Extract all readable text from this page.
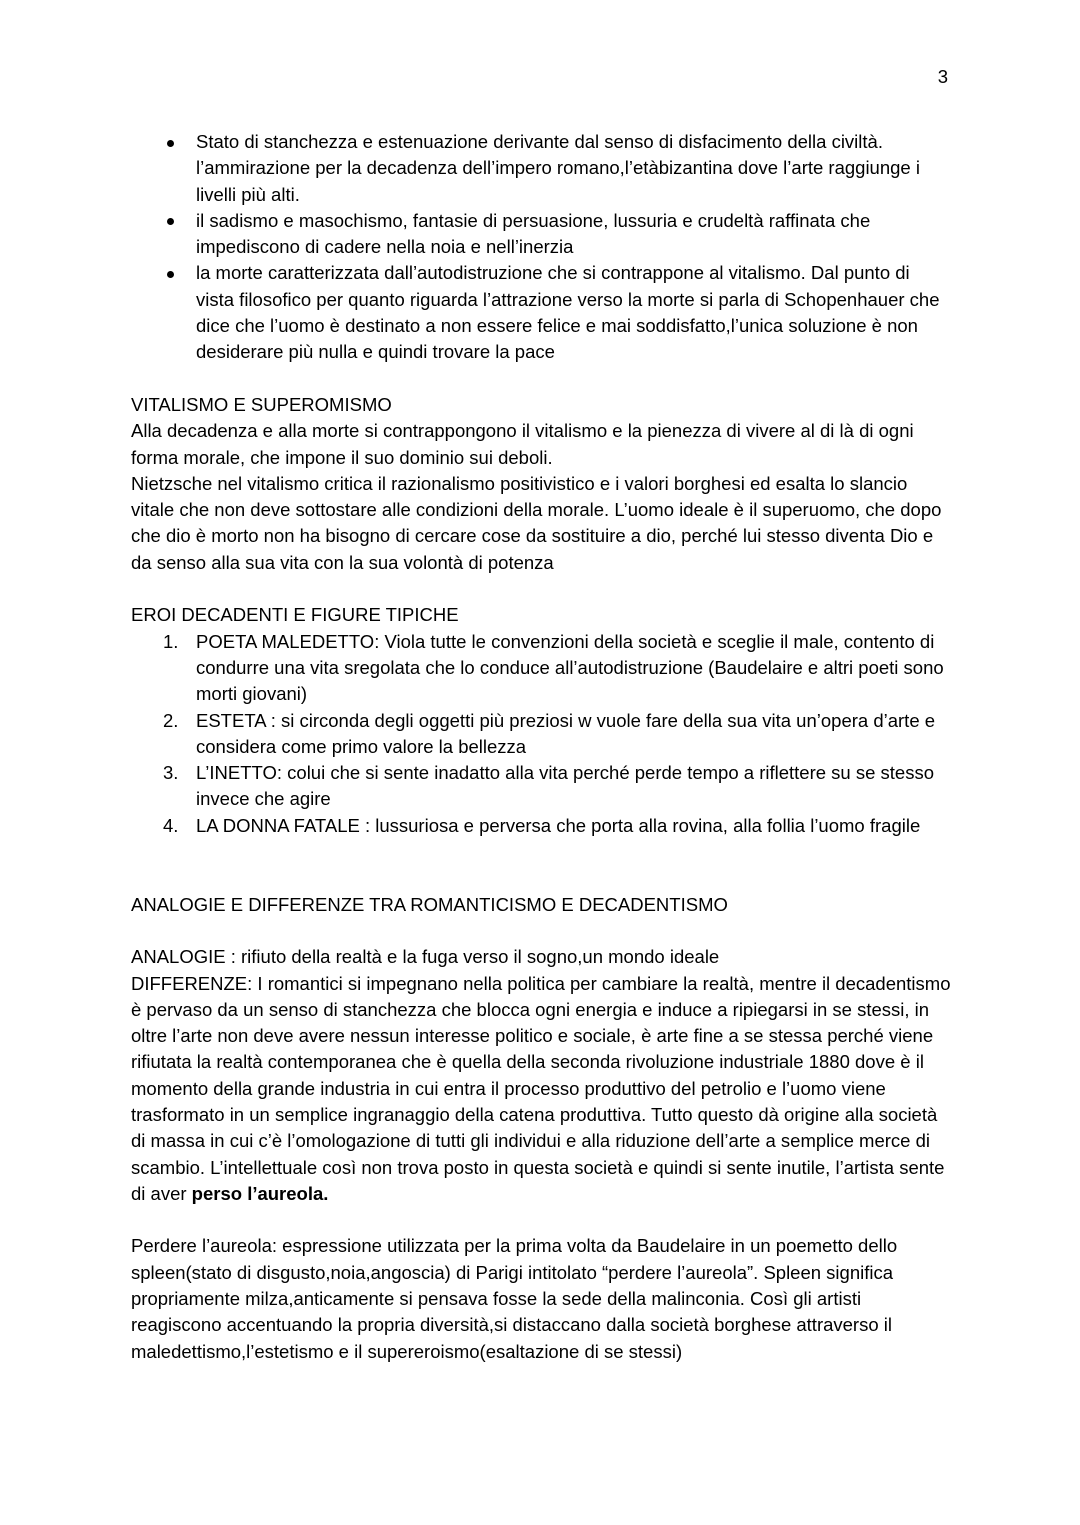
3
Stato di stanchezza e estenuazione derivante dal senso di disfacimento della civiltà. l’ammirazione per la decadenza dell’impero romano,l’etàbizantina dove l’arte raggiunge i livelli più alti.
il sadismo e masochismo, fantasie di persuasione, lussuria e crudeltà raffinata che impediscono di cadere nella noia e nell’inerzia
la morte caratterizzata dall’autodistruzione che si contrappone al vitalismo. Dal punto di vista filosofico per quanto riguarda l’attrazione verso la morte si parla di Schopenhauer che dice che l’uomo è destinato a non essere felice e mai soddisfatto,l’unica soluzione è non desiderare più nulla e quindi trovare la pace

VITALISMO E SUPEROMISMO

Alla decadenza e alla morte si contrappongono il vitalismo e la pienezza di vivere al di là di ogni forma morale, che impone il suo dominio sui deboli.

Nietzsche nel vitalismo critica il razionalismo positivistico e i valori borghesi ed esalta lo slancio vitale che non deve sottostare alle condizioni della morale. L’uomo ideale è il superuomo, che dopo che dio è morto non ha bisogno di cercare cose da sostituire a dio, perché lui stesso diventa Dio e da senso alla sua vita con la sua volontà di potenza

EROI DECADENTI E FIGURE TIPICHE

1. POETA MALEDETTO: Viola tutte le convenzioni della società e sceglie il male, contento di condurre una vita sregolata che lo conduce all’autodistruzione (Baudelaire e altri poeti sono morti giovani)
2. ESTETA : si circonda degli oggetti più preziosi w vuole fare della sua vita un’opera d’arte e considera come primo valore la bellezza
3. L’INETTO: colui che si sente inadatto alla vita perché perde tempo a riflettere su se stesso invece che agire
4. LA DONNA FATALE : lussuriosa e perversa che porta alla rovina, alla follia l’uomo fragile

ANALOGIE E DIFFERENZE TRA ROMANTICISMO E DECADENTISMO

ANALOGIE : rifiuto della realtà e la fuga verso il sogno,un mondo ideale

DIFFERENZE: I romantici si impegnano nella politica per cambiare la realtà, mentre il decadentismo è pervaso da un senso di stanchezza che blocca ogni energia e induce a ripiegarsi in se stessi, in oltre l’arte non deve avere nessun interesse politico e sociale, è arte fine a se stessa perché viene rifiutata la realtà contemporanea che è quella della seconda rivoluzione industriale 1880 dove è il momento della grande industria in cui entra il processo produttivo del petrolio e l’uomo viene trasformato in un semplice ingranaggio della catena produttiva. Tutto questo dà origine alla società di massa in cui c’è l’omologazione di tutti gli individui e alla riduzione dell’arte a semplice merce di scambio. L’intellettuale così non trova posto in questa società e quindi si sente inutile, l’artista sente di aver perso l’aureola.

Perdere l’aureola: espressione utilizzata per la prima volta da Baudelaire in un poemetto dello spleen(stato di disgusto,noia,angoscia) di Parigi intitolato “perdere l’aureola”. Spleen significa propriamente milza,anticamente si pensava fosse la sede della malinconia. Così gli artisti reagiscono accentuando la propria diversità,si distaccano dalla società borghese attraverso il maledettismo,l’estetismo e il supereroismo(esaltazione di se stessi)
